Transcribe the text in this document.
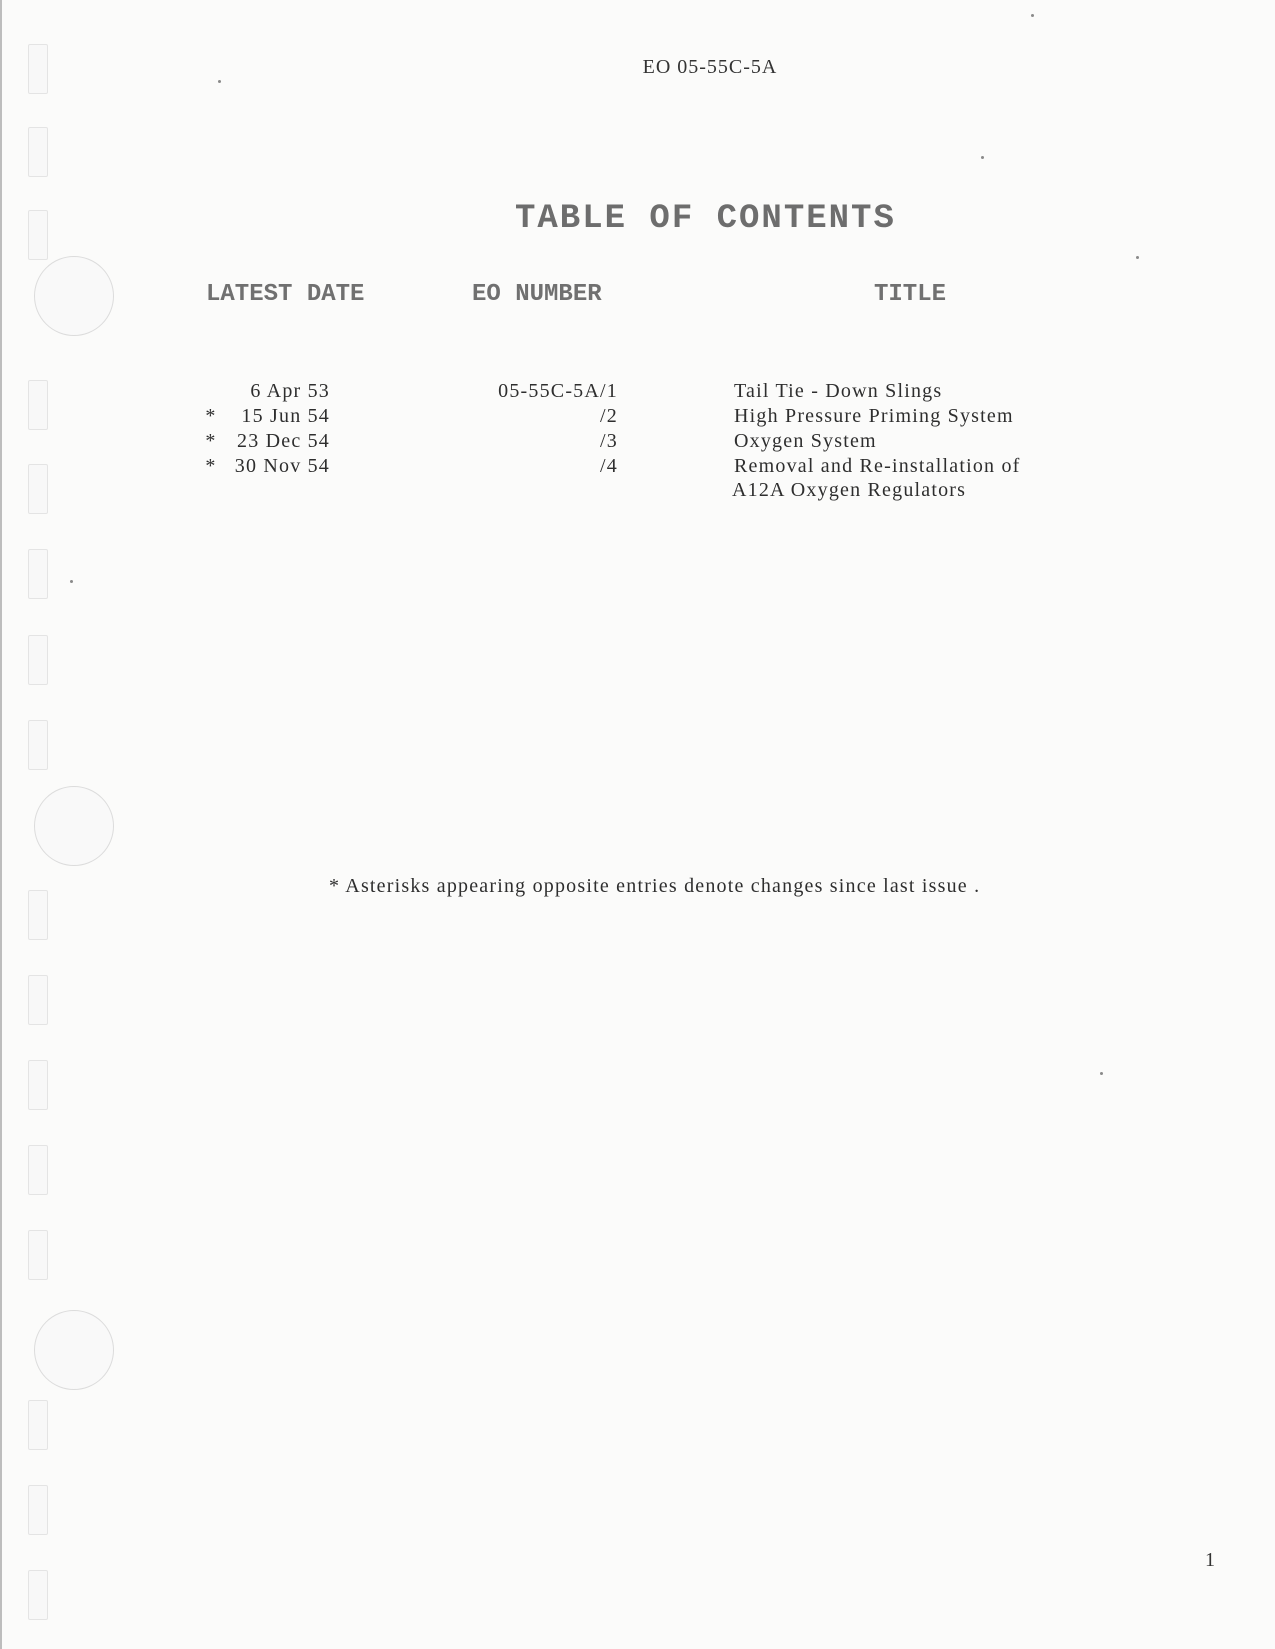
EO 05-55C-5A
TABLE OF CONTENTS
LATEST DATE	EO NUMBER	TITLE
6 Apr 53	05-55C-5A/1	Tail Tie - Down Slings
*	15 Jun 54	/2	High Pressure Priming System
*	23 Dec 54	/3	Oxygen System
* 30 Nov 54	/4	Removal and Re-installation of
A12A Oxygen Regulators
* Asterisks appearing opposite entries denote changes since last issue .
1
